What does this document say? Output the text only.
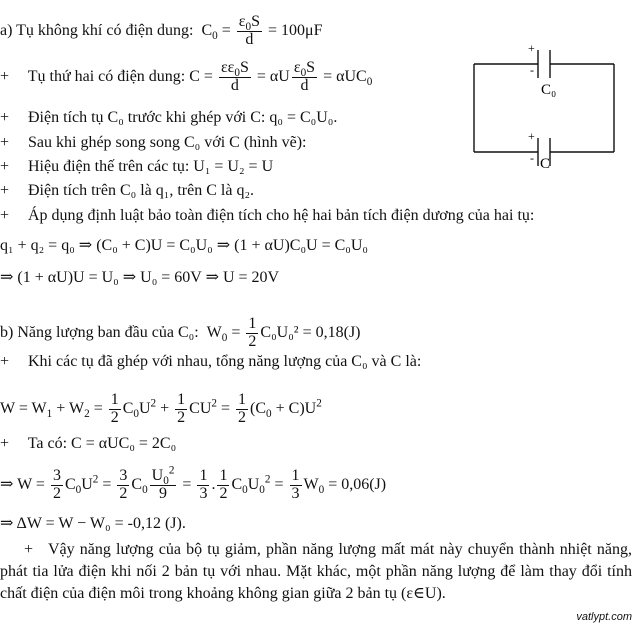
a) Tụ không khí có điện dung:  $C_0 = \frac{\varepsilon_0S}{d} = 100\mu F$
+ Tụ thứ hai có điện dung: $C = \frac{\varepsilon\varepsilon_0S}{d} = \alpha U \frac{\varepsilon_0S}{d} = \alpha UC_0$
+ Điện tích tụ C₀ trước khi ghép với C: q₀ = C₀U₀.
+ Sau khi ghép song song C₀ với C (hình vẽ):
+ Hiệu điện thế trên các tụ: U₁ = U₂ = U
+ Điện tích trên C₀ là q₁, trên C là q₂.
+ Áp dụng định luật bảo toàn điện tích cho hệ hai bản tích điện dương của hai tụ:
q₁ + q₂ = q₀ ⇒ (C₀ + C)U = C₀U₀ ⇒ (1 + αU)C₀U = C₀U₀
⇒ (1 + αU)U = U₀ ⇒ U₀ = 60V ⇒ U = 20V
b) Năng lượng ban đầu của C₀:  $W_0 = \frac{1}{2} C_0U_0^2 = 0,18(J)$
+ Khi các tụ đã ghép với nhau, tổng năng lượng của C₀ và C là:
$W = W_1 + W_2 = \frac{1}{2} C_0U^2 + \frac{1}{2} CU^2 = \frac{1}{2} (C_0 + C)U^2$
+ Ta có: C = αUC₀ = 2C₀
⇒ $W = \frac{3}{2} C_0U^2 = \frac{3}{2} C_0 \frac{U_0^2}{9} = \frac{1}{3}$ . $\frac{1}{2} C_0U_0^2 = \frac{1}{3} W_0 = 0,06(J)$
⇒ ΔW = W − W₀ = -0,12 (J).
+ Vậy năng lượng của bộ tụ giảm, phần năng lượng mất mát này chuyển thành nhiệt năng, phát tia lửa điện khi nối 2 bản tụ với nhau. Mặt khác, một phần năng lượng để làm thay đổi tính chất điện của điện môi trong khoảng không gian giữa 2 bản tụ (ε∈U).
+
-
C₀
+
- C
vatlypt.com
